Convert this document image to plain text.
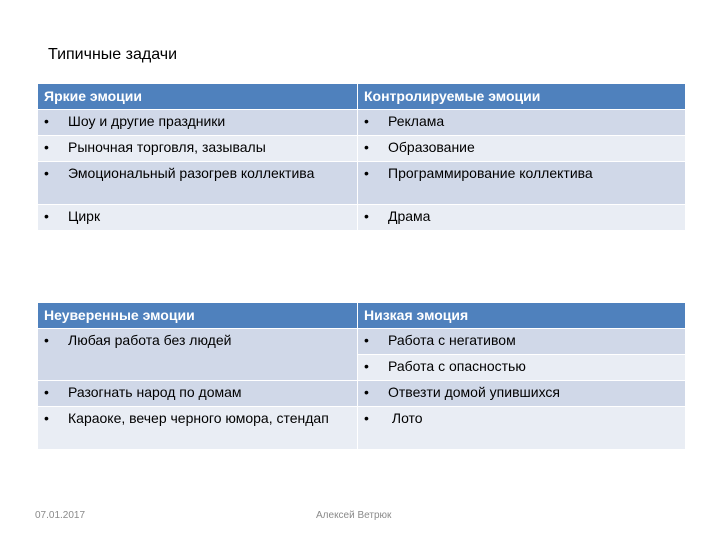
Типичные задачи
Яркие эмоции	Контролируемые эмоции

• Шоу и другие праздники	• Реклама

• Рыночная торговля, зазывалы	• Образование

• Эмоциональный разогрев коллектива	• Программирование коллектива

• Цирк	• Драма
Неуверенные эмоции	Низкая эмоция

• Любая работа без людей	• Работа с негативом

	• Работа с опасностью

• Разогнать народ по домам	• Отвезти домой упившихся

• Караоке, вечер черного юмора, стендап	• Лото
07.01.2017	Алексей Ветрюк
